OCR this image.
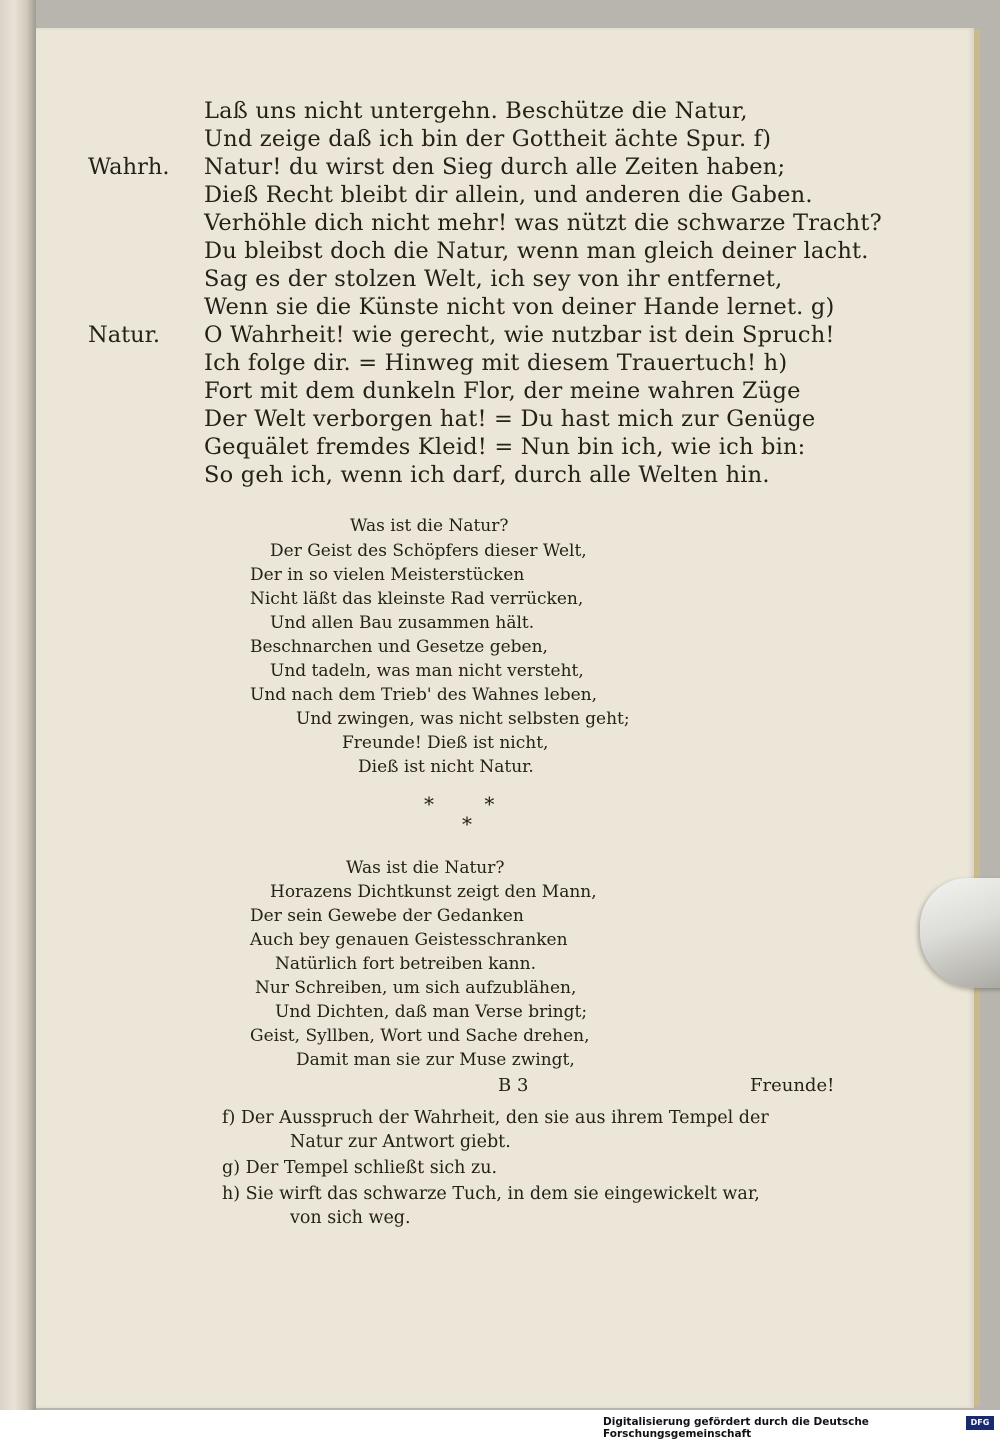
Wahrh.
Natur.
Laß uns nicht untergehn. Beschütze die Natur,
Und zeige daß ich bin der Gottheit ächte Spur. f)
Natur! du wirst den Sieg durch alle Zeiten haben;
Dieß Recht bleibt dir allein, und anderen die Gaben.
Verhöhle dich nicht mehr! was nützt die schwarze Tracht?
Du bleibst doch die Natur, wenn man gleich deiner lacht.
Sag es der stolzen Welt, ich sey von ihr entfernet,
Wenn sie die Künste nicht von deiner Hande lernet. g)
O Wahrheit! wie gerecht, wie nutzbar ist dein Spruch!
Ich folge dir. = Hinweg mit diesem Trauertuch! h)
Fort mit dem dunkeln Flor, der meine wahren Züge
Der Welt verborgen hat! = Du hast mich zur Genüge
Gequälet fremdes Kleid! = Nun bin ich, wie ich bin:
So geh ich, wenn ich darf, durch alle Welten hin.
Was ist die Natur?
Der Geist des Schöpfers dieser Welt,
Der in so vielen Meisterstücken
Nicht läßt das kleinste Rad verrücken,
Und allen Bau zusammen hält.
Beschnarchen und Gesetze geben,
Und tadeln, was man nicht versteht,
Und nach dem Trieb' des Wahnes leben,
Und zwingen, was nicht selbsten geht;
Freunde! Dieß ist nicht,
Dieß ist nicht Natur.
* *
*
Was ist die Natur?
Horazens Dichtkunst zeigt den Mann,
Der sein Gewebe der Gedanken
Auch bey genauen Geistesschranken
Natürlich fort betreiben kann.
Nur Schreiben, um sich aufzublähen,
Und Dichten, daß man Verse bringt;
Geist, Syllben, Wort und Sache drehen,
Damit man sie zur Muse zwingt,
B 3	Freunde!
f) Der Ausspruch der Wahrheit, den sie aus ihrem Tempel der
Natur zur Antwort giebt.
g) Der Tempel schließt sich zu.
h) Sie wirft das schwarze Tuch, in dem sie eingewickelt war,
von sich weg.
Digitalisierung gefördert durch die Deutsche Forschungsgemeinschaft
DFG
